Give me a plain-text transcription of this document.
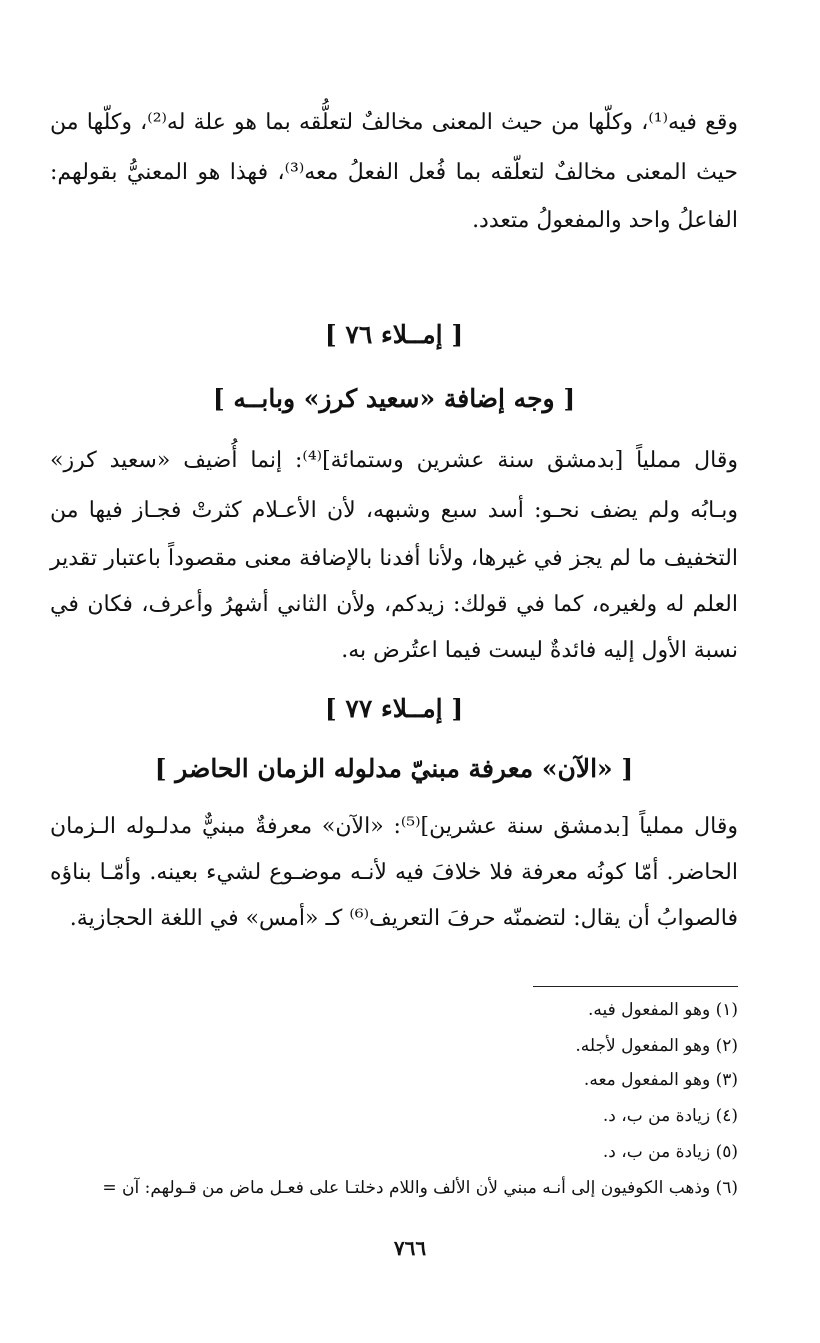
وقع فيه⁽¹⁾، وكلّها من حيث المعنى مخالفٌ لتعلُّقه بما هو علة له⁽²⁾، وكلّها من
حيث المعنى مخالفٌ لتعلّقه بما فُعل الفعلُ معه⁽³⁾، فهذا هو المعنيُّ بقولهم:
الفاعلُ واحد والمفعولُ متعدد.
[ إمــلاء ٧٦ ]
[ وجه إضافة «سعيد كرز» وبابــه ]
وقال مملياً [بدمشق سنة عشرين وستمائة]⁽⁴⁾: إنما أُضيف «سعيد كرز»
وبـابُه ولم يضف نحـو: أسد سبع وشبهه، لأن الأعـلام كثرتْ فجـاز فيها من
التخفيف ما لم يجز في غيرها، ولأنا أفدنا بالإضافة معنى مقصوداً باعتبار تقدير
العلم له ولغيره، كما في قولك: زيدكم، ولأن الثاني أشهرُ وأعرف، فكان في
نسبة الأول إليه فائدةٌ ليست فيما اعتُرض به.
[ إمــلاء ٧٧ ]
[ «الآن» معرفة مبنيّ مدلوله الزمان الحاضر ]
وقال مملياً [بدمشق سنة عشرين]⁽⁵⁾: «الآن» معرفةٌ مبنيٌّ مدلـوله الـزمان
الحاضر. أمّا كونُه معرفة فلا خلافَ فيه لأنـه موضـوع لشيء بعينه. وأمّـا بناؤه
فالصوابُ أن يقال: لتضمنّه حرفَ التعريف⁽⁶⁾ كـ «أمس» في اللغة الحجازية.
(١) وهو المفعول فيه.
(٢) وهو المفعول لأجله.
(٣) وهو المفعول معه.
(٤) زيادة من ب، د.
(٥) زيادة من ب، د.
(٦) وذهب الكوفيون إلى أنـه مبني لأن الألف واللام دخلتـا على فعـل ماض من قـولهم: آن =
٧٦٦
